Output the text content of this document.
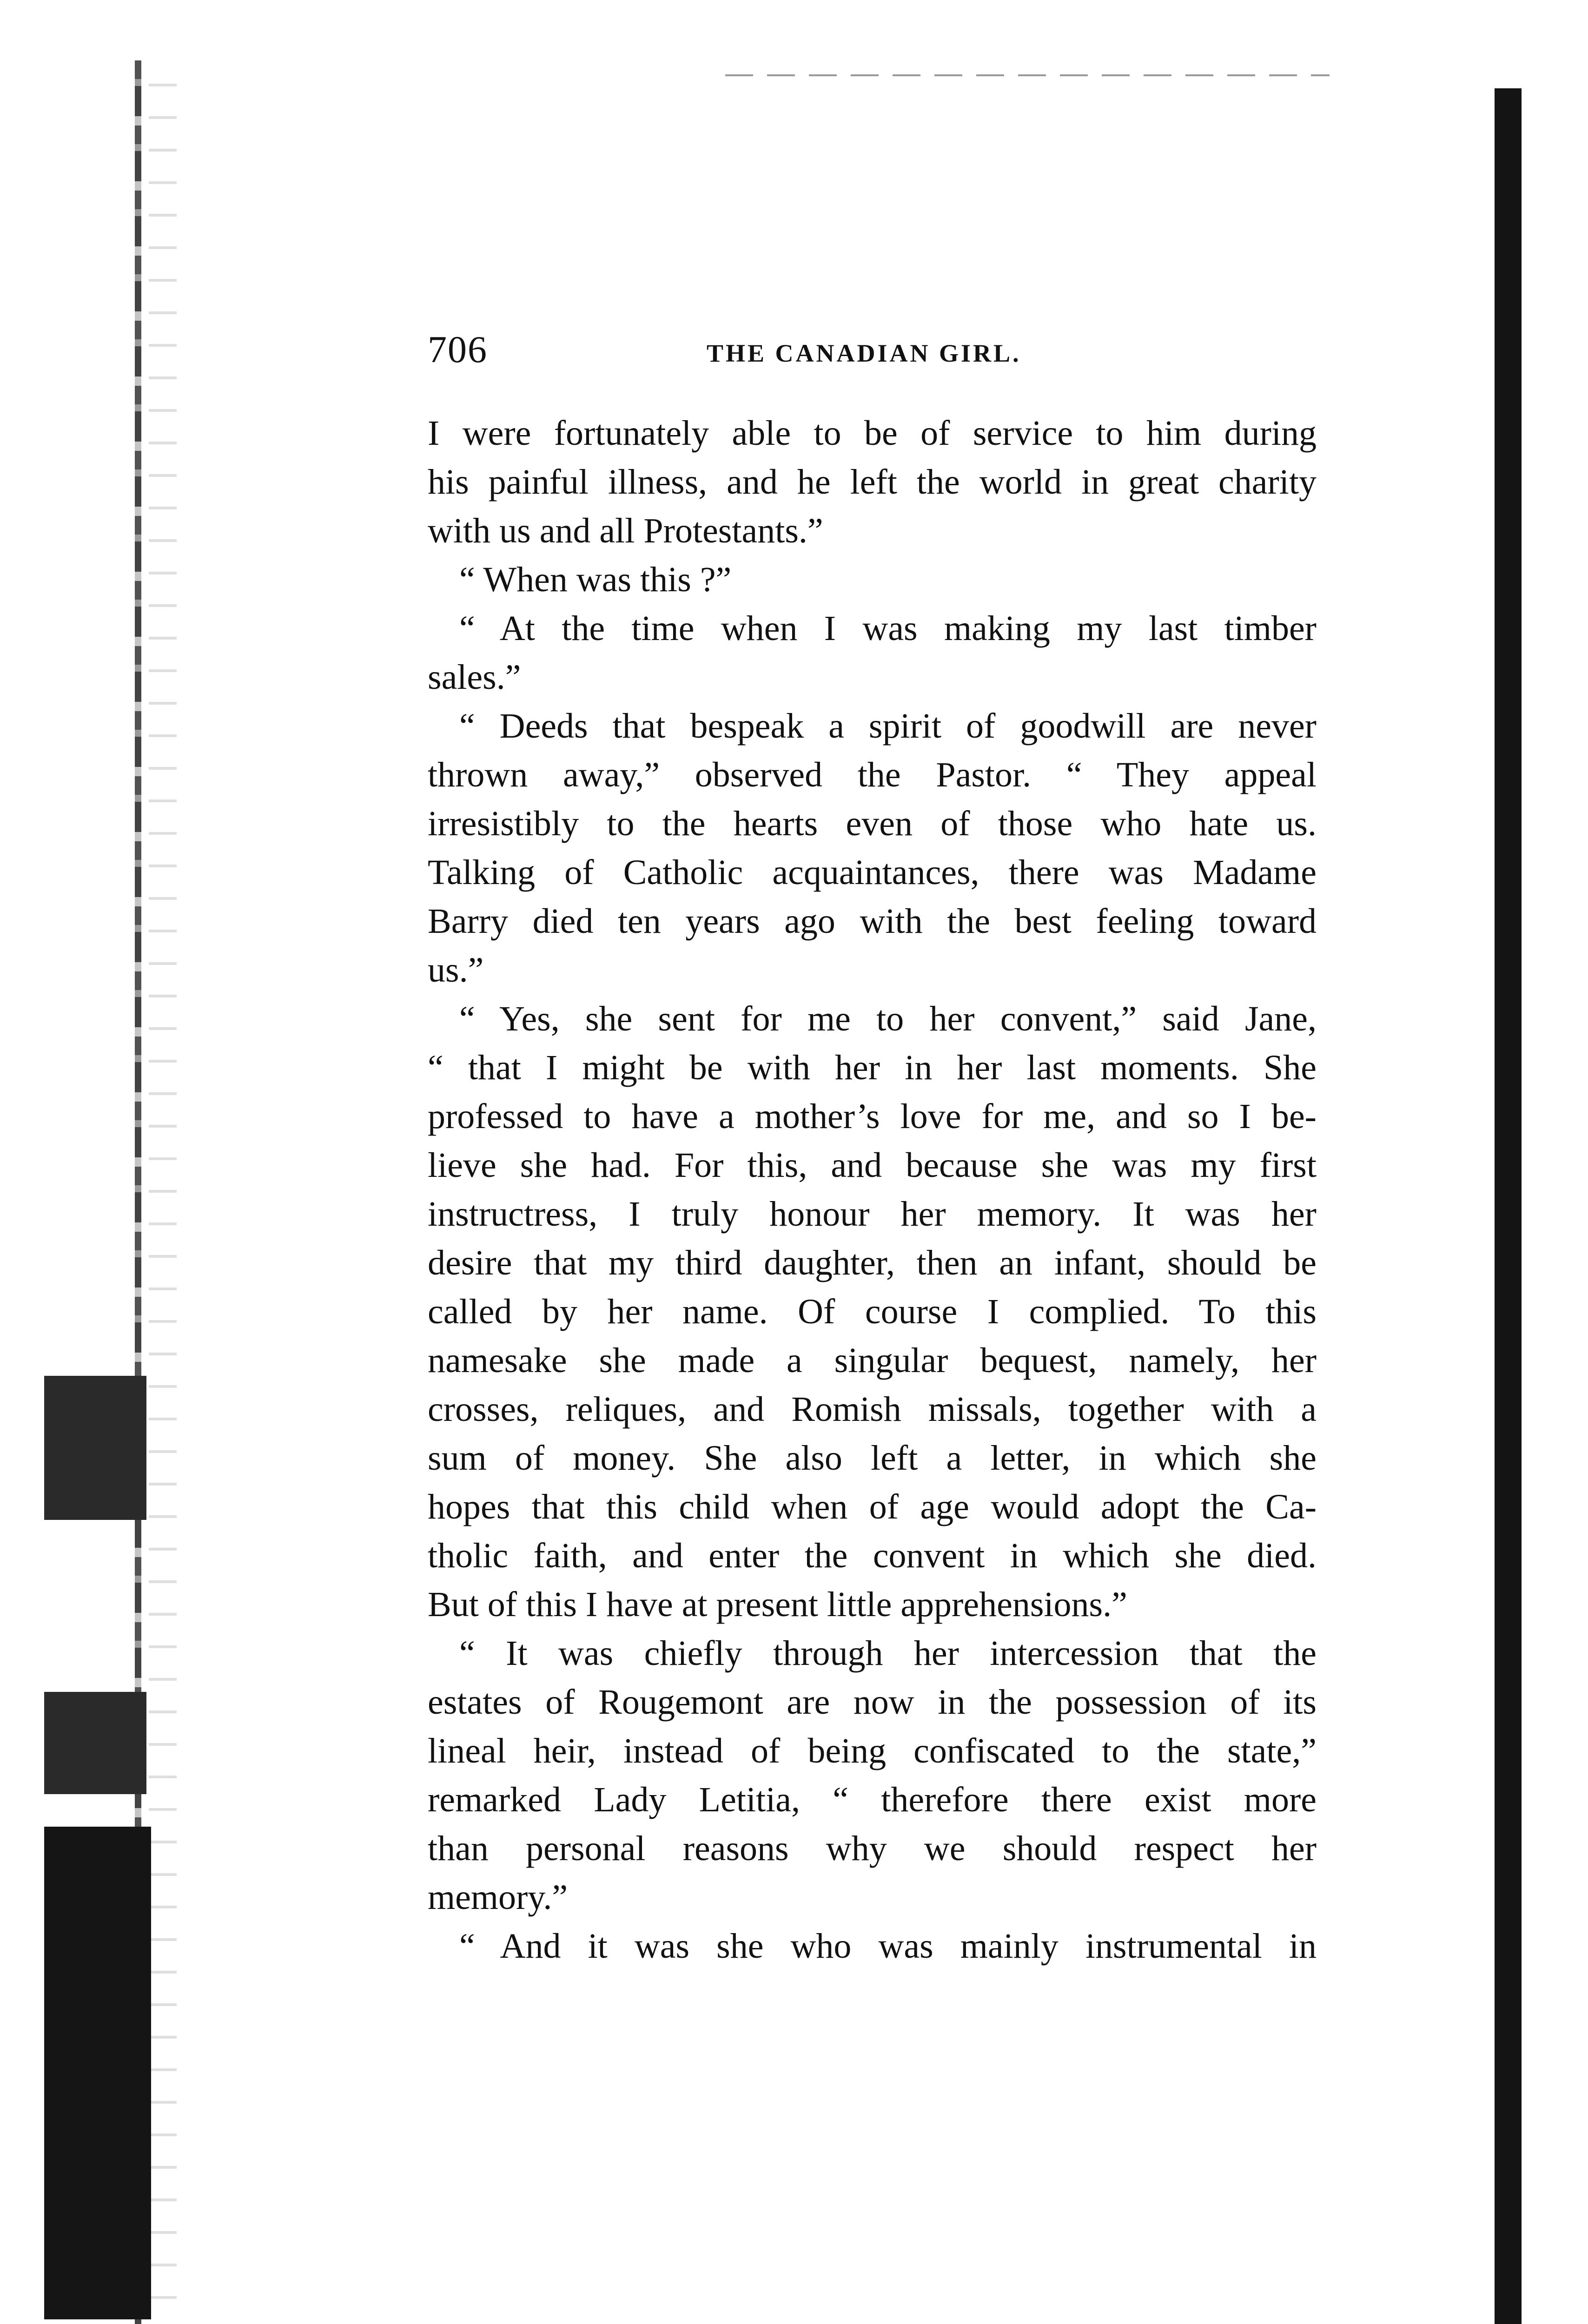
706	THE CANADIAN GIRL.
I were fortunately able to be of service to him during
his painful illness, and he left the world in great charity
with us and all Protestants.”
“ When was this ?”
“ At the time when I was making my last timber
sales.”
“ Deeds that bespeak a spirit of goodwill are never
thrown away,” observed the Pastor. “ They appeal
irresistibly to the hearts even of those who hate us.
Talking of Catholic acquaintances, there was Madame
Barry died ten years ago with the best feeling toward
us.”
“ Yes, she sent for me to her convent,” said Jane,
“ that I might be with her in her last moments. She
professed to have a mother’s love for me, and so I be-
lieve she had. For this, and because she was my first
instructress, I truly honour her memory. It was her
desire that my third daughter, then an infant, should be
called by her name. Of course I complied. To this
namesake she made a singular bequest, namely, her
crosses, reliques, and Romish missals, together with a
sum of money. She also left a letter, in which she
hopes that this child when of age would adopt the Ca-
tholic faith, and enter the convent in which she died.
But of this I have at present little apprehensions.”
“ It was chiefly through her intercession that the
estates of Rougemont are now in the possession of its
lineal heir, instead of being confiscated to the state,”
remarked Lady Letitia, “ therefore there exist more
than personal reasons why we should respect her
memory.”
“ And it was she who was mainly instrumental in
